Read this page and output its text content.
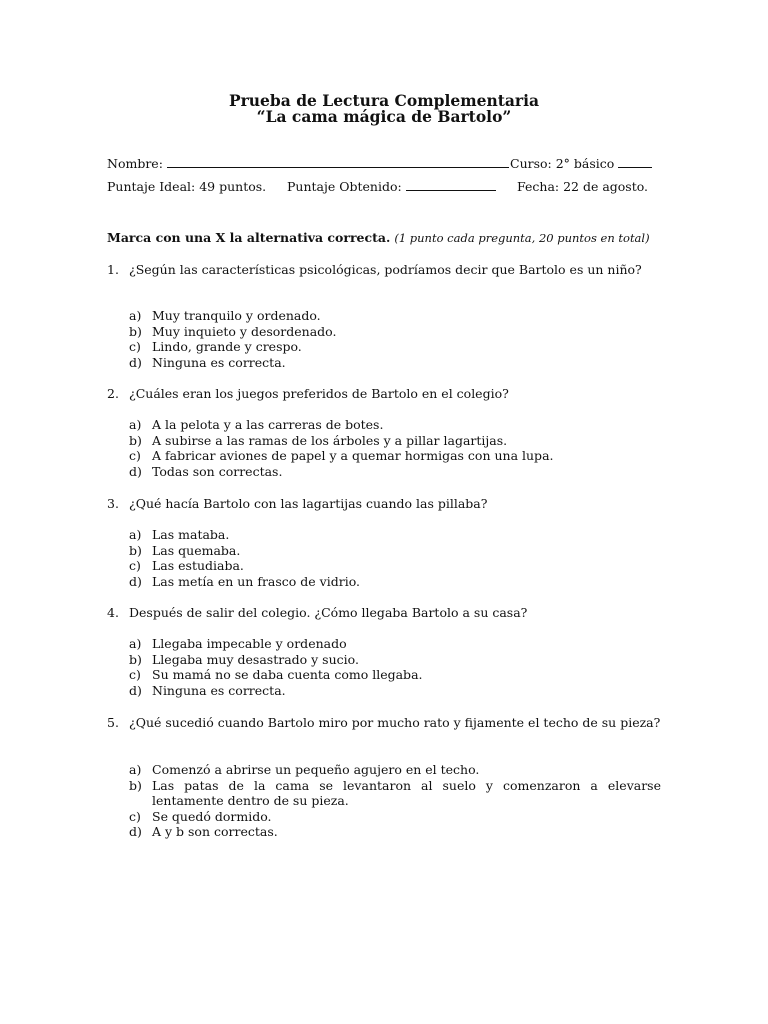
Prueba de Lectura Complementaria
“La cama mágica de Bartolo”
Nombre:	Curso: 2° básico
Puntaje Ideal: 49 puntos. Puntaje Obtenido:	Fecha: 22 de agosto.
Marca con una X la alternativa correcta. (1 punto cada pregunta, 20 puntos en total)
1. ¿Según las características psicológicas, podríamos decir que Bartolo es un niño?
a) Muy tranquilo y ordenado.
b) Muy inquieto y desordenado.
c) Lindo, grande y crespo.
d) Ninguna es correcta.
2. ¿Cuáles eran los juegos preferidos de Bartolo en el colegio?
a) A la pelota y a las carreras de botes.
b) A subirse a las ramas de los árboles y a pillar lagartijas.
c) A fabricar aviones de papel y a quemar hormigas con una lupa.
d) Todas son correctas.
3. ¿Qué hacía Bartolo con las lagartijas cuando las pillaba?
a) Las mataba.
b) Las quemaba.
c) Las estudiaba.
d) Las metía en un frasco de vidrio.
4. Después de salir del colegio. ¿Cómo llegaba Bartolo a su casa?
a) Llegaba impecable y ordenado
b) Llegaba muy desastrado y sucio.
c) Su mamá no se daba cuenta como llegaba.
d) Ninguna es correcta.
5. ¿Qué sucedió cuando Bartolo miro por mucho rato y fijamente el techo de su pieza?
a) Comenzó a abrirse un pequeño agujero en el techo.
b) Las patas de la cama se levantaron al suelo y comenzaron a elevarse lentamente dentro de su pieza.
c) Se quedó dormido.
d) A y b son correctas.
